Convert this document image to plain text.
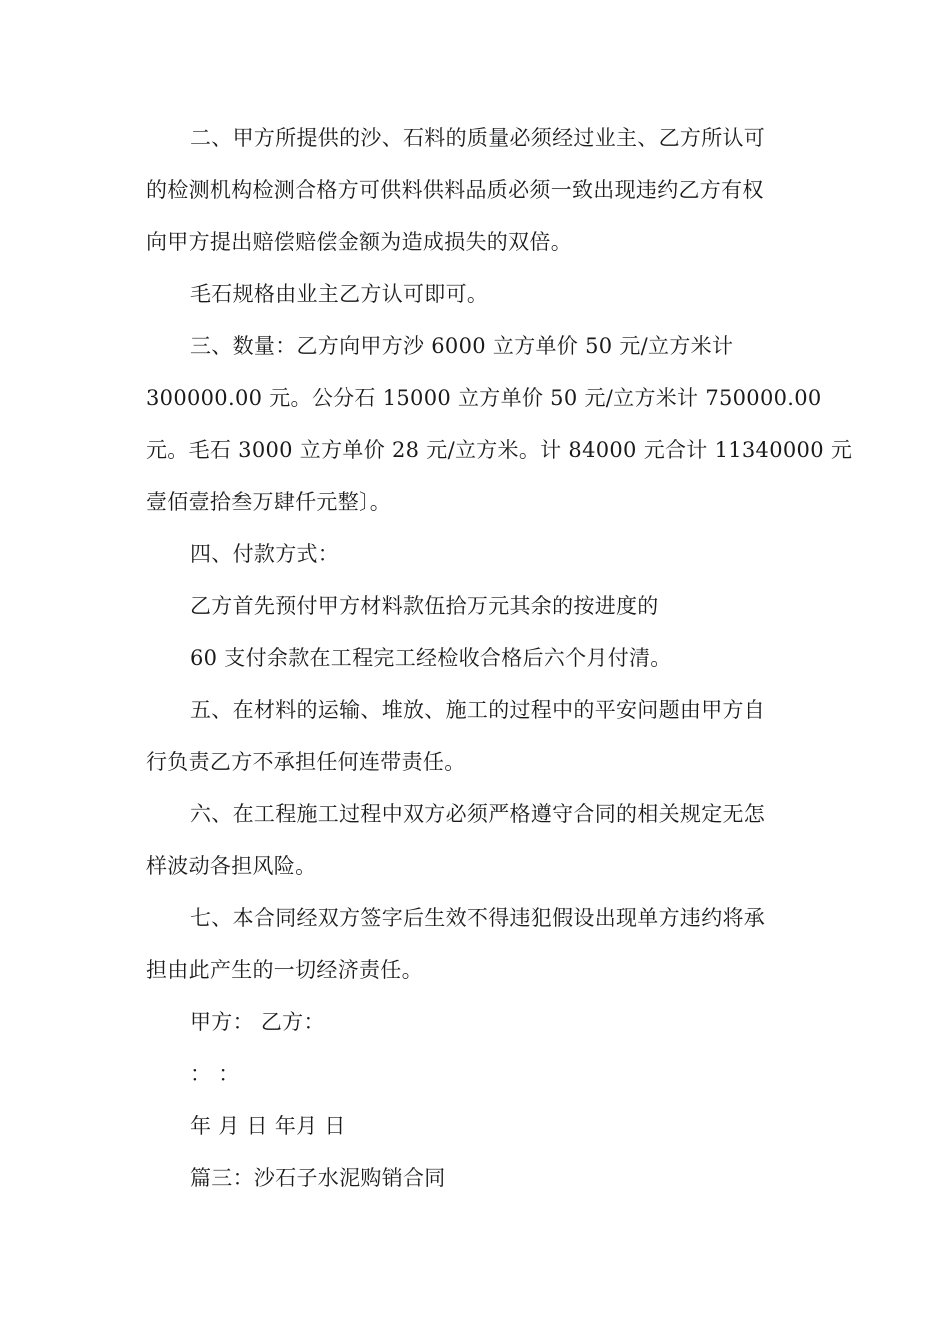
二、甲方所提供的沙、石料的质量必须经过业主、乙方所认可
的检测机构检测合格方可供料供料品质必须一致出现违约乙方有权
向甲方提出赔偿赔偿金额为造成损失的双倍。
毛石规格由业主乙方认可即可。
三、数量：乙方向甲方沙 6000 立方单价 50 元/立方米计
300000.00 元。公分石 15000 立方单价 50 元/立方米计 750000.00
元。毛石 3000 立方单价 28 元/立方米。计 84000 元合计 11340000 元
壹佰壹拾叁万肆仟元整〕。
四、付款方式：
乙方首先预付甲方材料款伍拾万元其余的按进度的
60 支付余款在工程完工经检收合格后六个月付清。
五、在材料的运输、堆放、施工的过程中的平安问题由甲方自
行负责乙方不承担任何连带责任。
六、在工程施工过程中双方必须严格遵守合同的相关规定无怎
样波动各担风险。
七、本合同经双方签字后生效不得违犯假设出现单方违约将承
担由此产生的一切经济责任。
甲方： 乙方：
： ：
年 月 日 年月 日
篇三：沙石子水泥购销合同
